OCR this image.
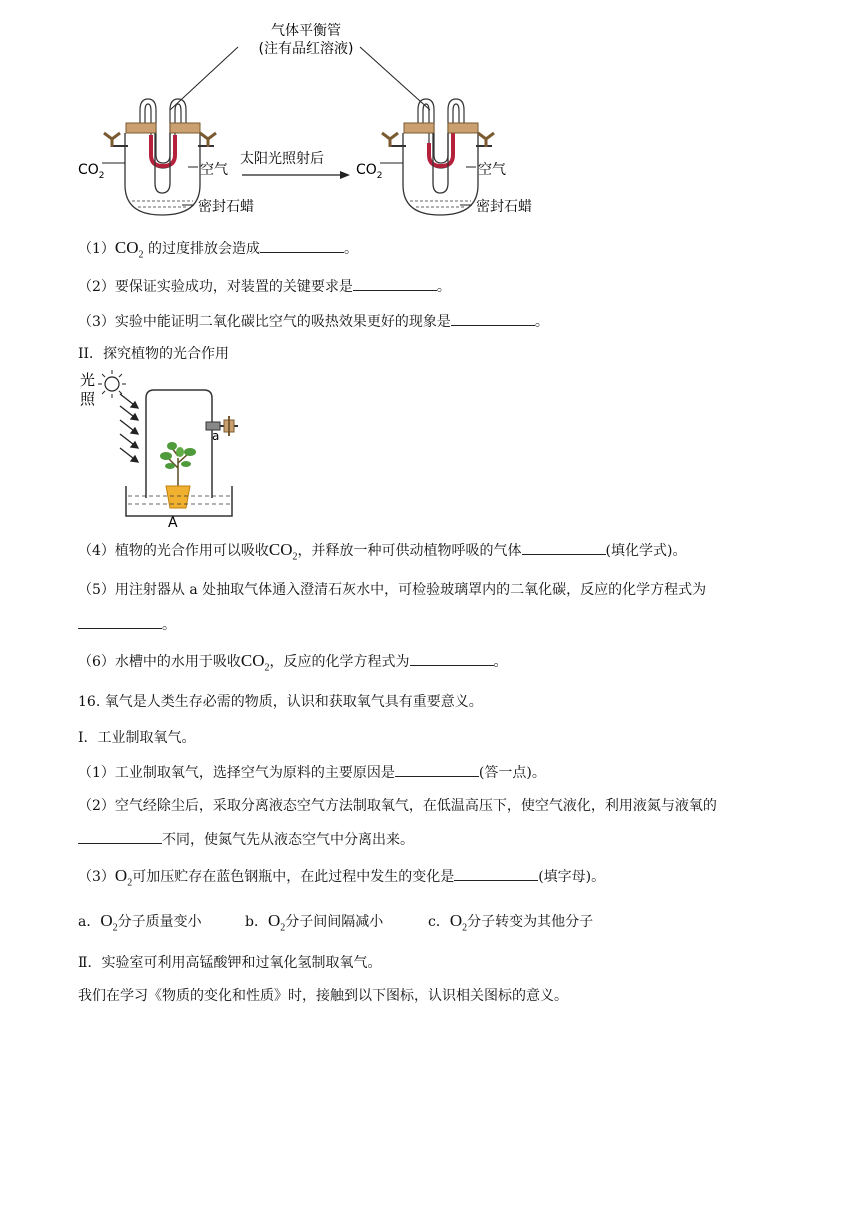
气体平衡管
(注有品红溶液)
$CO_2$	空气
密封石蜡
太阳光照射后
$CO_2$	空气
密封石蜡
$(1)CO_2$ 的过度排放会造成	。
（2）要保证实验成功，对装置的关键要求是	。
（3）实验中能证明二氧化碳比空气的吸热效果更好的现象是	。
II．探究植物的光合作用
光
照
a
A
（4）植物的光合作用可以吸收$CO_2$，并释放一种可供动植物呼吸的气体	(填化学式)。
（5）用注射器从 a 处抽取气体通入澄清石灰水中，可检验玻璃罩内的二氧化碳，反应的化学方程式为
。
（6）水槽中的水用于吸收$CO_2$，反应的化学方程式为	。
16. 氧气是人类生存必需的物质，认识和获取氧气具有重要意义。
I．工业制取氧气。
（1）工业制取氧气，选择空气为原料的主要原因是	(答一点)。
（2）空气经除尘后，采取分离液态空气方法制取氧气，在低温高压下，使空气液化，利用液氮与液氧的
不同，使氮气先从液态空气中分离出来。
$(3)O_2$可加压贮存在蓝色钢瓶中，在此过程中发生的变化是	(填字母)。
a．$O_2$分子质量变小	b．$O_2$分子间间隔减小	c．$O_2$分子转变为其他分子
Ⅱ．实验室可利用高锰酸钾和过氧化氢制取氧气。
我们在学习《物质的变化和性质》时，接触到以下图标，认识相关图标的意义。
